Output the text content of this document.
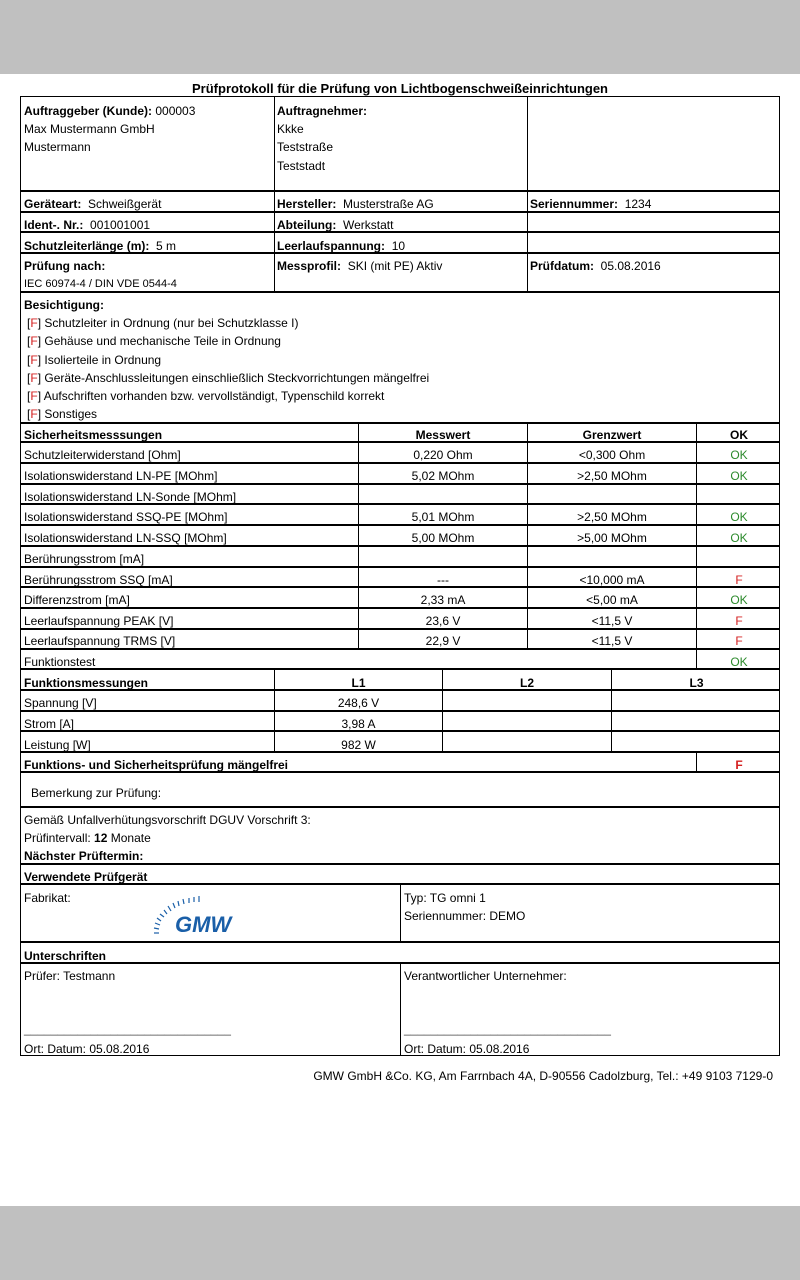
Prüfprotokoll für die Prüfung von Lichtbogenschweißeinrichtungen
Auftraggeber (Kunde): 000003
Max Mustermann GmbH
Mustermann
Auftragnehmer:
Kkke
Teststraße
Teststadt
Geräteart: Schweißgerät	Hersteller: Musterstraße AG	Seriennummer: 1234
Ident-. Nr.: 001001001	Abteilung: Werkstatt
Schutzleiterlänge (m): 5 m	Leerlaufspannung: 10
Prüfung nach:
IEC 60974-4 / DIN VDE 0544-4
Messprofil: SKI (mit PE) Aktiv	Prüfdatum: 05.08.2016
Besichtigung:
[F] Schutzleiter in Ordnung (nur bei Schutzklasse I)
[F] Gehäuse und mechanische Teile in Ordnung
[F] Isolierteile in Ordnung
[F] Geräte-Anschlussleitungen einschließlich Steckvorrichtungen mängelfrei
[F] Aufschriften vorhanden bzw. vervollständigt, Typenschild korrekt
[F] Sonstiges
Sicherheitsmesssungen	Messwert	Grenzwert	OK
Schutzleiterwiderstand [Ohm]	0,220 Ohm	<0,300 Ohm	OK
Isolationswiderstand LN-PE [MOhm]	5,02 MOhm	>2,50 MOhm	OK
Isolationswiderstand LN-Sonde [MOhm]
Isolationswiderstand SSQ-PE [MOhm]	5,01 MOhm	>2,50 MOhm	OK
Isolationswiderstand LN-SSQ [MOhm]	5,00 MOhm	>5,00 MOhm	OK
Berührungsstrom [mA]
Berührungsstrom SSQ [mA]	---	<10,000 mA	F
Differenzstrom [mA]	2,33 mA	<5,00 mA	OK
Leerlaufspannung PEAK [V]	23,6 V	<11,5 V	F
Leerlaufspannung TRMS [V]	22,9 V	<11,5 V	F
Funktionstest	OK
Funktionsmessungen	L1	L2	L3
Spannung [V]	248,6 V
Strom [A]	3,98 A
Leistung [W]	982 W
Funktions- und Sicherheitsprüfung mängelfrei	F
Bemerkung zur Prüfung:
Gemäß Unfallverhütungsvorschrift DGUV Vorschrift 3:
Prüfintervall: 12 Monate
Nächster Prüftermin:
Verwendete Prüfgerät
Fabrikat:
GMW
Typ: TG omni 1
Seriennummer: DEMO
Unterschriften
Prüfer: Testmann	Verantwortlicher Unternehmer:
_______________________________	_______________________________
Ort: Datum: 05.08.2016	Ort: Datum: 05.08.2016
GMW GmbH &Co. KG, Am Farrnbach 4A, D-90556 Cadolzburg, Tel.: +49 9103 7129-0
